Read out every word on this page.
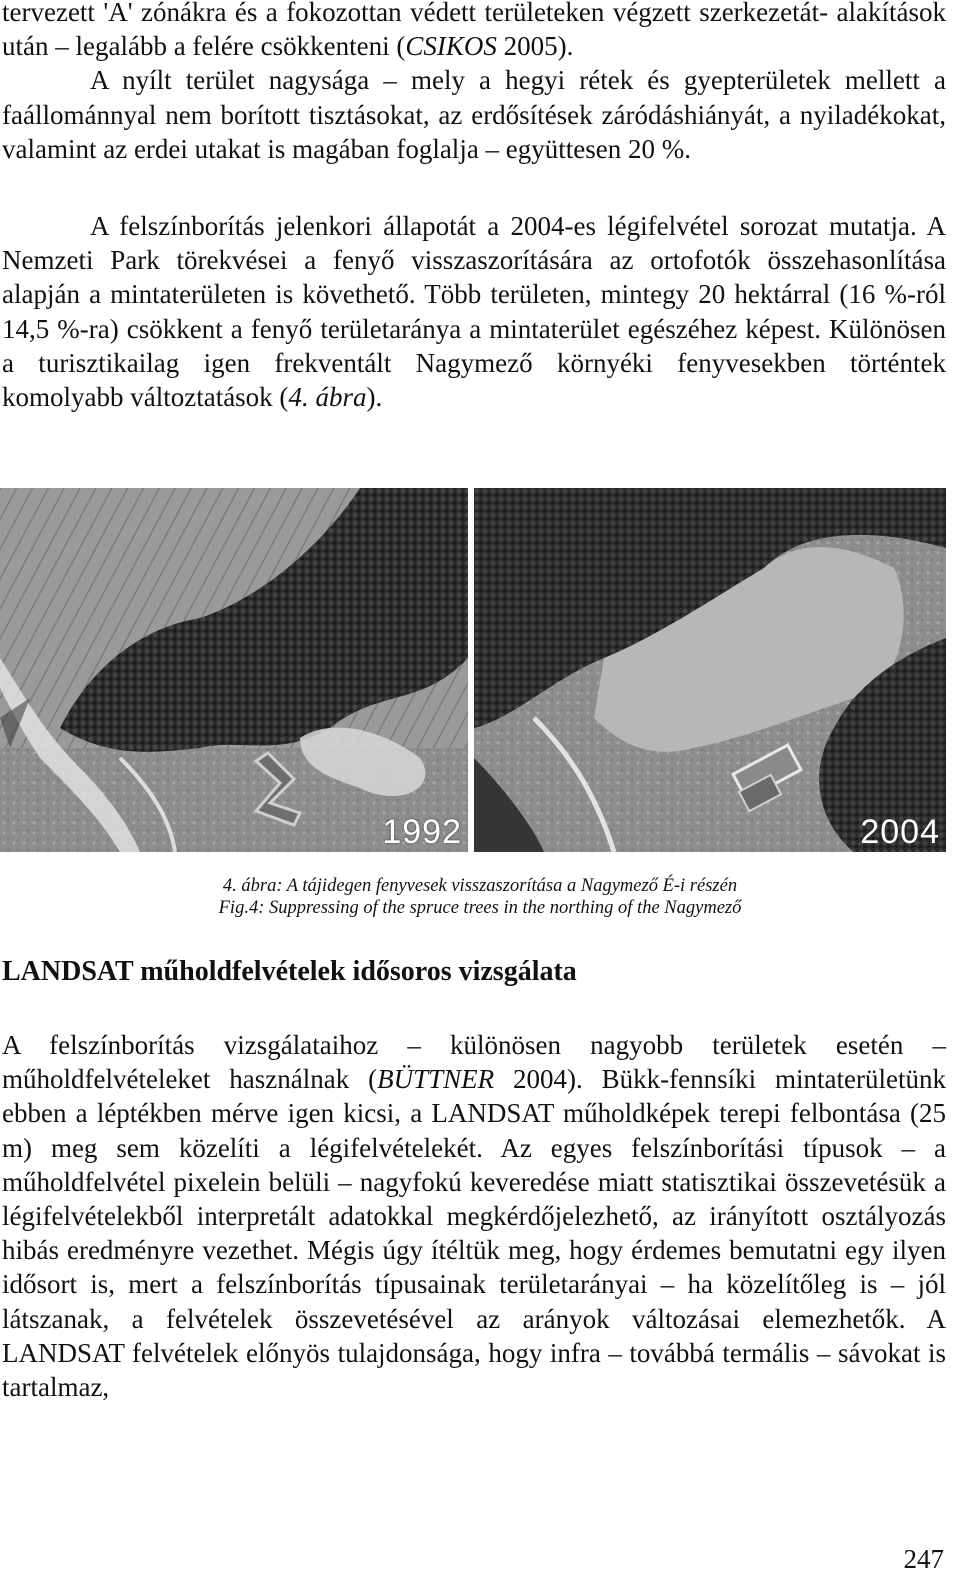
tervezett 'A' zónákra és a fokozottan védett területeken végzett szerkezetát- alakítások után – legalább a felére csökkenteni (CSIKOS 2005).
A nyílt terület nagysága – mely a hegyi rétek és gyepterületek mellett a faállománnyal nem borított tisztásokat, az erdősítések záródáshiányát, a nyiladékokat, valamint az erdei utakat is magában foglalja – együttesen 20 %.

A felszínborítás jelenkori állapotát a 2004-es légifelvétel sorozat mutatja. A Nemzeti Park törekvései a fenyő visszaszorítására az ortofotók összehasonlítása alapján a mintaterületen is követhető. Több területen, mintegy 20 hektárral (16 %-ról 14,5 %-ra) csökkent a fenyő területaránya a mintaterület egészéhez képest. Különösen a turisztikailag igen frekventált Nagymező környéki fenyvesekben történtek komolyabb változtatások (4. ábra).

1992	2004
4. ábra: A tájidegen fenyvesek visszaszorítása a Nagymező É-i részén
Fig.4: Suppressing of the spruce trees in the northing of the Nagymező
LANDSAT műholdfelvételek idősoros vizsgálata

A felszínborítás vizsgálataihoz – különösen nagyobb területek esetén – műholdfelvételeket használnak (BÜTTNER 2004). Bükk-fennsíki mintaterületünk ebben a léptékben mérve igen kicsi, a LANDSAT műholdképek terepi felbontása (25 m) meg sem közelíti a légifelvételekét. Az egyes felszínborítási típusok – a műholdfelvétel pixelein belüli – nagyfokú keveredése miatt statisztikai összevetésük a légifelvételekből interpretált adatokkal megkérdőjelezhető, az irányított osztályozás hibás eredményre vezethet. Mégis úgy ítéltük meg, hogy érdemes bemutatni egy ilyen idősort is, mert a felszínborítás típusainak területarányai – ha közelítőleg is – jól látszanak, a felvételek összevetésével az arányok változásai elemezhetők. A LANDSAT felvételek előnyös tulajdonsága, hogy infra – továbbá termális – sávokat is tartalmaz,

247
